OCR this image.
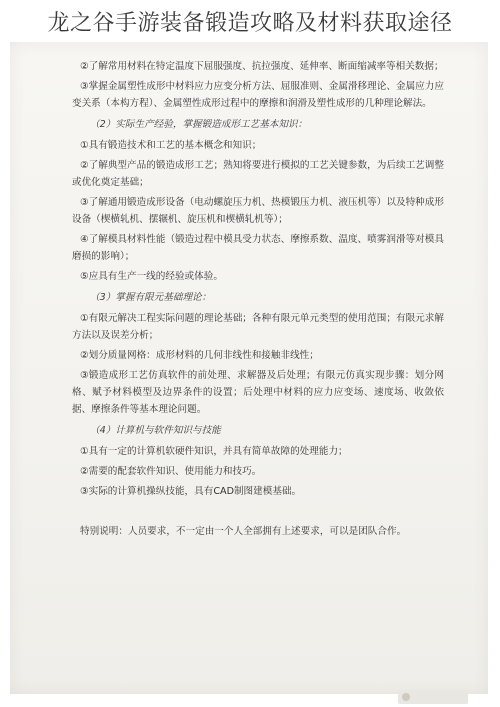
龙之谷手游装备锻造攻略及材料获取途径

②了解常用材料在特定温度下屈服强度、抗拉强度、延伸率、断面缩减率等相关数据；

③掌握金属塑性成形中材料应力应变分析方法、屈服准则、金属滑移理论、金属应力应变关系（本构方程）、金属塑性成形过程中的摩擦和润滑及塑性成形的几种理论解法。

（2）实际生产经验，掌握锻造成形工艺基本知识：

①具有锻造技术和工艺的基本概念和知识；

②了解典型产品的锻造成形工艺；熟知将要进行模拟的工艺关键参数，为后续工艺调整或优化奠定基础；

③了解通用锻造成形设备（电动螺旋压力机、热模锻压力机、液压机等）以及特种成形设备（楔横轧机、摆辗机、旋压机和楔横轧机等）；

④了解模具材料性能（锻造过程中模具受力状态、摩擦系数、温度、喷雾润滑等对模具磨损的影响）；

⑤应具有生产一线的经验或体验。

（3）掌握有限元基础理论：

①有限元解决工程实际问题的理论基础；各种有限元单元类型的使用范围；有限元求解方法以及误差分析；

②划分质量网格：成形材料的几何非线性和接触非线性；

③锻造成形工艺仿真软件的前处理、求解器及后处理；有限元仿真实现步骤：划分网格、赋予材料模型及边界条件的设置；后处理中材料的应力应变场、速度场、收敛依据、摩擦条件等基本理论问题。

（4）计算机与软件知识与技能

①具有一定的计算机软硬件知识，并具有简单故障的处理能力；

②需要的配套软件知识、使用能力和技巧。

③实际的计算机操纵技能，具有CAD制图建模基础。

特别说明：人员要求，不一定由一个人全部拥有上述要求，可以是团队合作。
